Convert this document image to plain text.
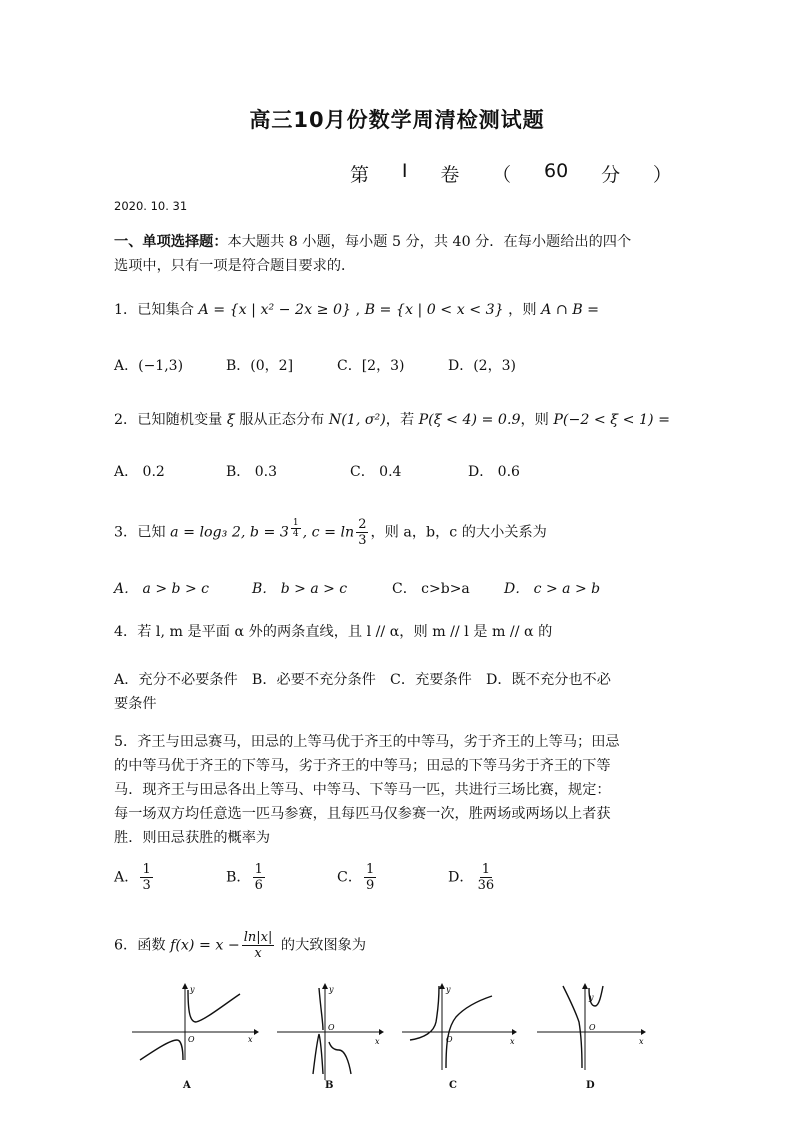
高三10月份数学周清检测试题
第 I 卷 （ 60 分 ）
2020. 10. 31
一、单项选择题：本大题共 8 小题，每小题 5 分，共 40 分．在每小题给出的四个
选项中，只有一项是符合题目要求的．
1．已知集合 A = {x | x² − 2x ≥ 0} , B = {x | 0 < x < 3} ，则 A ∩ B =
A．(−1,3)	B．(0，2]	C．[2，3)	D．(2，3)
2．已知随机变量 ξ 服从正态分布 N(1, σ²)，若 P(ξ < 4) = 0.9，则 P(−2 < ξ < 1) =
A． 0.2	B． 0.3	C． 0.4	D． 0.6
3．已知 a = log₃ 2, b = 3 $^{\frac{1}{4}}$ , $c = \ln \frac{2}{3}$ ，则 a，b，c 的大小关系为
A． a > b > c	B． b > a > c	C． c>b>a D． c > a > b
4．若 l, m 是平面 α 外的两条直线，且 l // α，则 m // l 是 m // α 的
A．充分不必要条件　B．必要不充分条件　C．充要条件　D．既不充分也不必
要条件
5．齐王与田忌赛马，田忌的上等马优于齐王的中等马，劣于齐王的上等马；田忌
的中等马优于齐王的下等马，劣于齐王的中等马；田忌的下等马劣于齐王的下等
马．现齐王与田忌各出上等马、中等马、下等马一匹，共进行三场比赛，规定：
每一场双方均任意选一匹马参赛，且每匹马仅参赛一次，胜两场或两场以上者获
胜．则田忌获胜的概率为
A． $\frac{1}{3}$	B． $\frac{1}{6}$	C． $\frac{1}{9}$	D． $\frac{1}{36}$
6．函数 $f(x) = x - \frac{\ln|x|}{x}$ 的大致图象为
y
x
O
A
y
x
O
B
y
x
O
C
y
x
O
D
